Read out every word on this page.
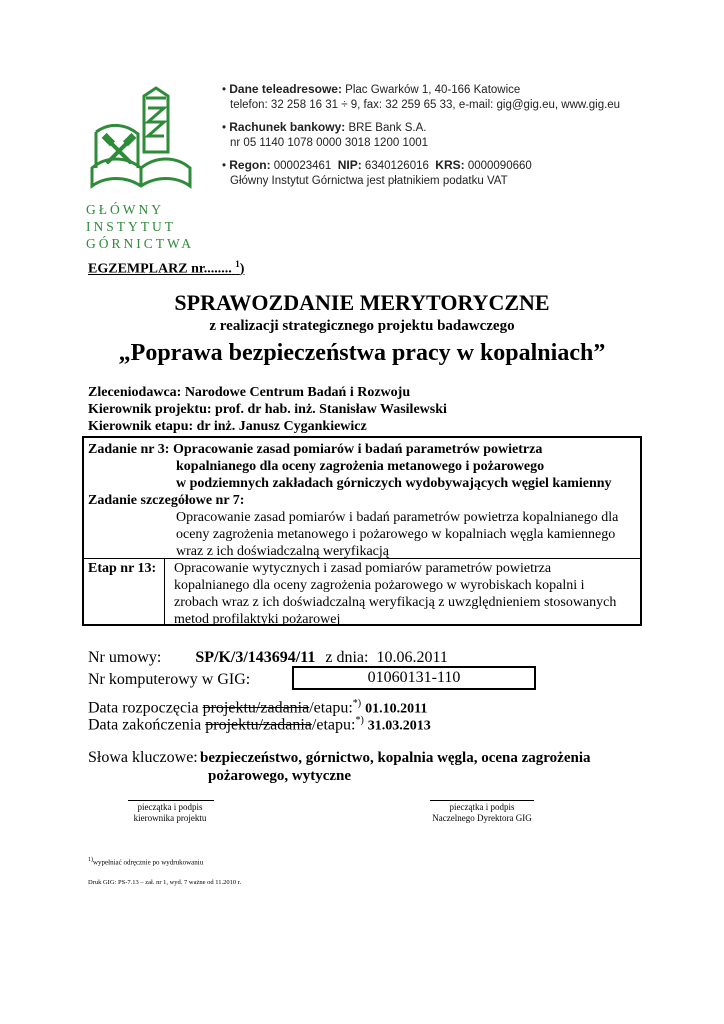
GŁÓWNY
INSTYTUT
GÓRNICTWA
• Dane teleadresowe: Plac Gwarków 1, 40-166 Katowice
telefon: 32 258 16 31 ÷ 9, fax: 32 259 65 33, e-mail: gig@gig.eu, www.gig.eu
• Rachunek bankowy: BRE Bank S.A.
nr 05 1140 1078 0000 3018 1200 1001
• Regon: 000023461 NIP: 6340126016 KRS: 0000090660
Główny Instytut Górnictwa jest płatnikiem podatku VAT
EGZEMPLARZ nr........ $^1$)
SPRAWOZDANIE MERYTORYCZNE
z realizacji strategicznego projektu badawczego
„Poprawa bezpieczeństwa pracy w kopalniach”
Zleceniodawca: Narodowe Centrum Badań i Rozwoju
Kierownik projektu: prof. dr hab. inż. Stanisław Wasilewski
Kierownik etapu: dr inż. Janusz Cygankiewicz
Zadanie nr 3: Opracowanie zasad pomiarów i badań parametrów powietrza
kopalnianego dla oceny zagrożenia metanowego i pożarowego
w podziemnych zakładach górniczych wydobywających węgiel kamienny
Zadanie szczegółowe nr 7:
Opracowanie zasad pomiarów i badań parametrów powietrza kopalnianego dla
oceny zagrożenia metanowego i pożarowego w kopalniach węgla kamiennego
wraz z ich doświadczalną weryfikacją
Etap nr 13: Opracowanie wytycznych i zasad pomiarów parametrów powietrza
kopalnianego dla oceny zagrożenia pożarowego w wyrobiskach kopalni i
zrobach wraz z ich doświadczalną weryfikacją z uwzględnieniem stosowanych
metod profilaktyki pożarowej
Nr umowy: SP/K/3/143694/11 z dnia: 10.06.2011
Nr komputerowy w GIG:	01060131-110
Data rozpoczęcia projektu/zadania/etapu:*) 01.10.2011
Data zakończenia projektu/zadania/etapu:*) 31.03.2013
Słowa kluczowe: bezpieczeństwo, górnictwo, kopalnia węgla, ocena zagrożenia
pożarowego, wytyczne
pieczątka i podpis
kierownika projektu
pieczątka i podpis
Naczelnego Dyrektora GIG
$^{1)}$wypełniać odręcznie po wydrukowaniu
Druk GIG: PS-7.13 – zał. nr 1, wyd. 7 ważne od 11.2010 r.
